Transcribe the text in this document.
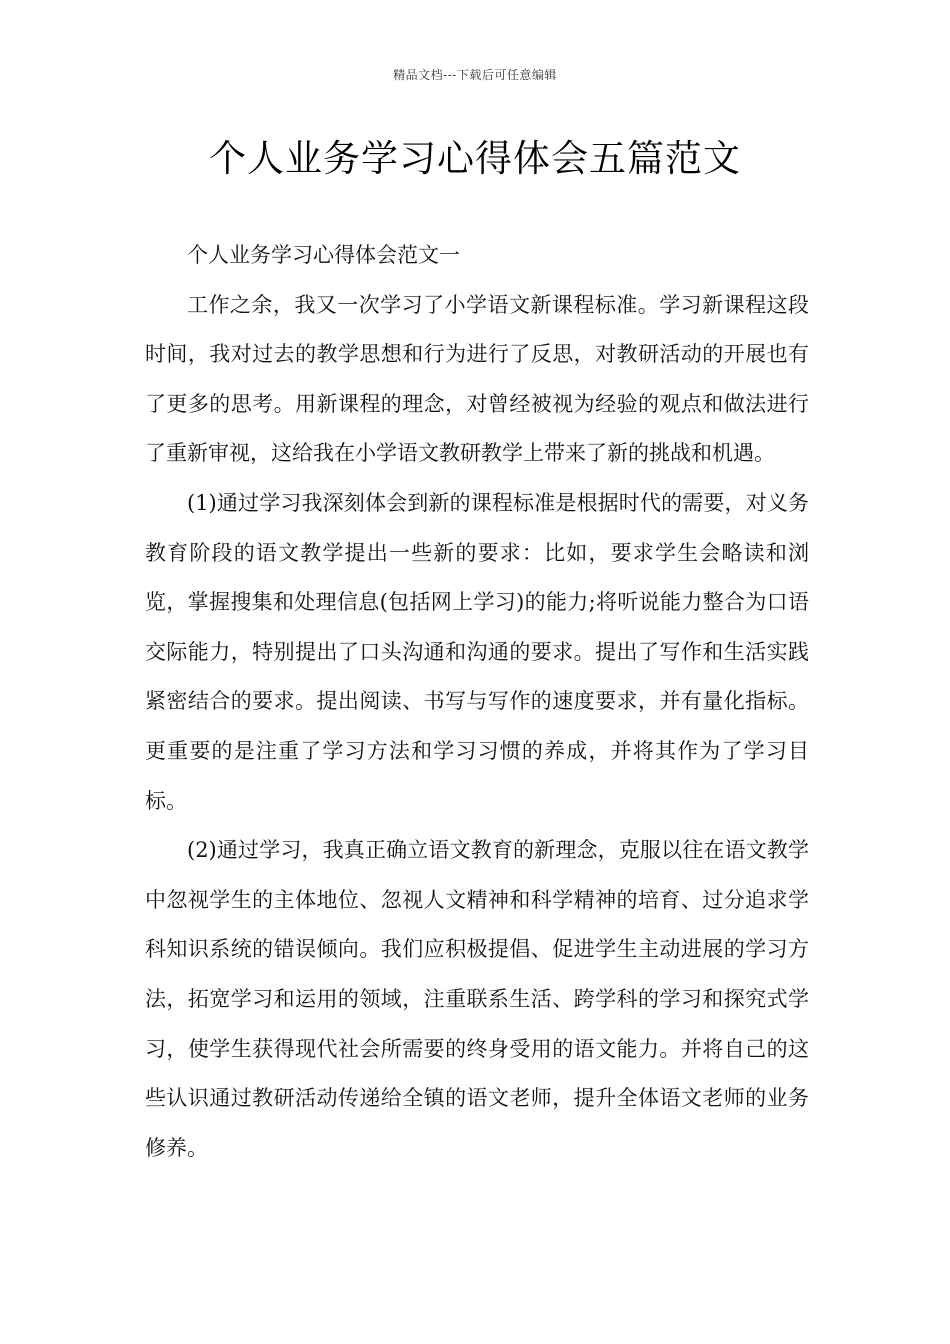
精品文档---下载后可任意编辑
个人业务学习心得体会五篇范文

个人业务学习心得体会范文一

工作之余，我又一次学习了小学语文新课程标准。学习新课程这段时间，我对过去的教学思想和行为进行了反思，对教研活动的开展也有了更多的思考。用新课程的理念，对曾经被视为经验的观点和做法进行了重新审视，这给我在小学语文教研教学上带来了新的挑战和机遇。

(1)通过学习我深刻体会到新的课程标准是根据时代的需要，对义务教育阶段的语文教学提出一些新的要求：比如，要求学生会略读和浏览，掌握搜集和处理信息(包括网上学习)的能力;将听说能力整合为口语交际能力，特别提出了口头沟通和沟通的要求。提出了写作和生活实践紧密结合的要求。提出阅读、书写与写作的速度要求，并有量化指标。更重要的是注重了学习方法和学习习惯的养成，并将其作为了学习目标。

(2)通过学习，我真正确立语文教育的新理念，克服以往在语文教学中忽视学生的主体地位、忽视人文精神和科学精神的培育、过分追求学科知识系统的错误倾向。我们应积极提倡、促进学生主动进展的学习方法，拓宽学习和运用的领域，注重联系生活、跨学科的学习和探究式学习，使学生获得现代社会所需要的终身受用的语文能力。并将自己的这些认识通过教研活动传递给全镇的语文老师，提升全体语文老师的业务修养。
